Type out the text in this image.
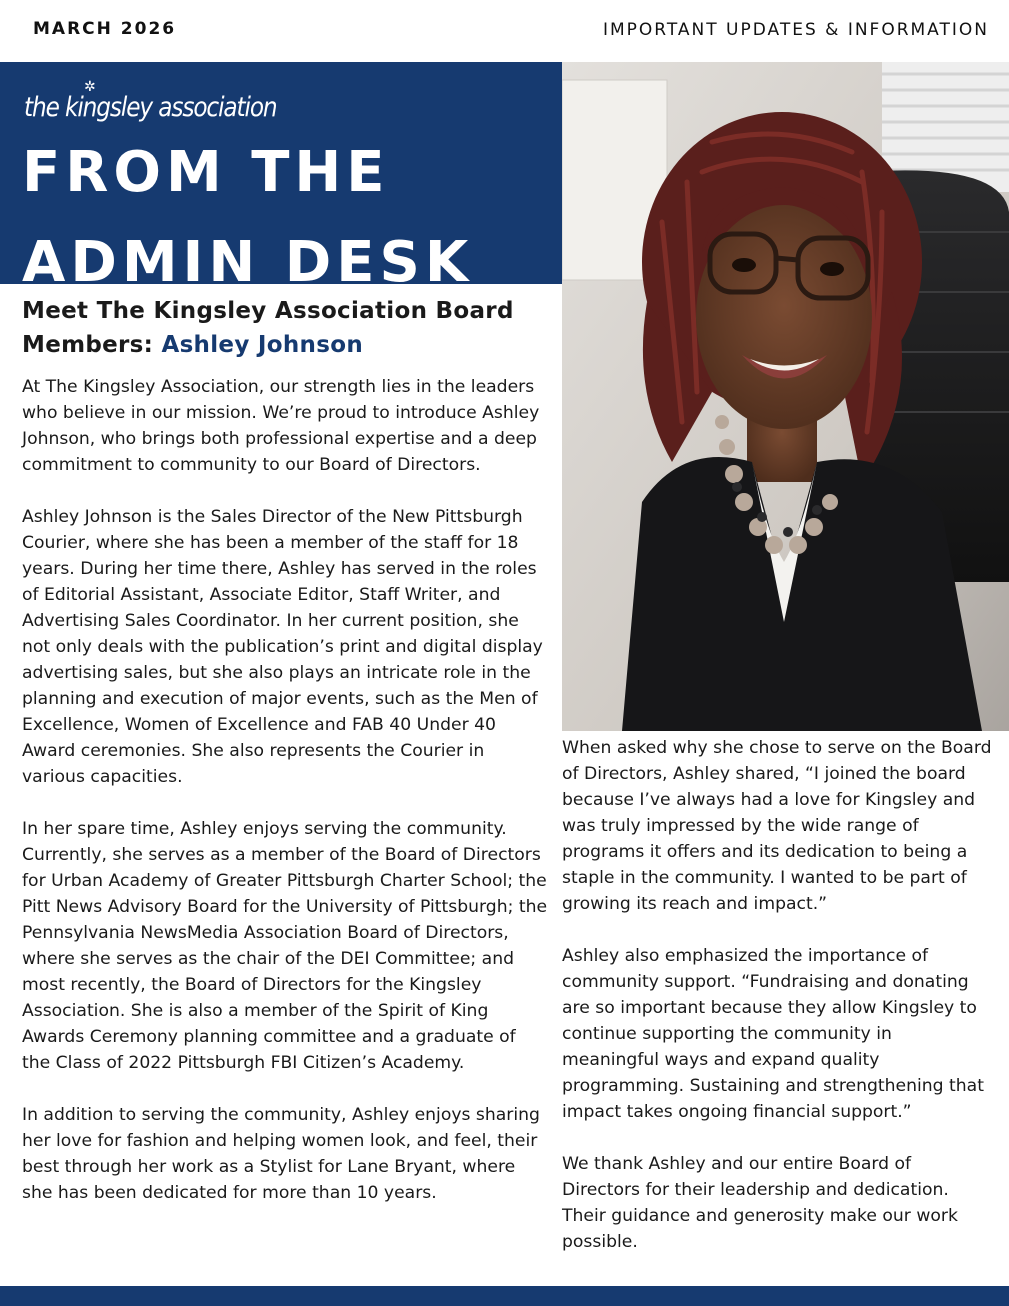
MARCH 2026	IMPORTANT UPDATES & INFORMATION
✲
the kingsley association
FROM THE ADMIN DESK
Meet The Kingsley Association Board Members: Ashley Johnson

At The Kingsley Association, our strength lies in the leaders who believe in our mission. We’re proud to introduce Ashley Johnson, who brings both professional expertise and a deep commitment to community to our Board of Directors.

Ashley Johnson is the Sales Director of the New Pittsburgh Courier, where she has been a member of the staff for 18 years. During her time there, Ashley has served in the roles of Editorial Assistant, Associate Editor, Staff Writer, and Advertising Sales Coordinator. In her current position, she not only deals with the publication’s print and digital display advertising sales, but she also plays an intricate role in the planning and execution of major events, such as the Men of Excellence, Women of Excellence and FAB 40 Under 40 Award ceremonies. She also represents the Courier in various capacities.

In her spare time, Ashley enjoys serving the community. Currently, she serves as a member of the Board of Directors for Urban Academy of Greater Pittsburgh Charter School; the Pitt News Advisory Board for the University of Pittsburgh; the Pennsylvania NewsMedia Association Board of Directors, where she serves as the chair of the DEI Committee; and most recently, the Board of Directors for the Kingsley Association. She is also a member of the Spirit of King Awards Ceremony planning committee and a graduate of the Class of 2022 Pittsburgh FBI Citizen’s Academy.

In addition to serving the community, Ashley enjoys sharing her love for fashion and helping women look, and feel, their best through her work as a Stylist for Lane Bryant, where she has been dedicated for more than 10 years.

When asked why she chose to serve on the Board of Directors, Ashley shared, “I joined the board because I’ve always had a love for Kingsley and was truly impressed by the wide range of programs it offers and its dedication to being a staple in the community. I wanted to be part of growing its reach and impact.”

Ashley also emphasized the importance of community support. “Fundraising and donating are so important because they allow Kingsley to continue supporting the community in meaningful ways and expand quality programming. Sustaining and strengthening that impact takes ongoing financial support.”

We thank Ashley and our entire Board of Directors for their leadership and dedication. Their guidance and generosity make our work possible.
